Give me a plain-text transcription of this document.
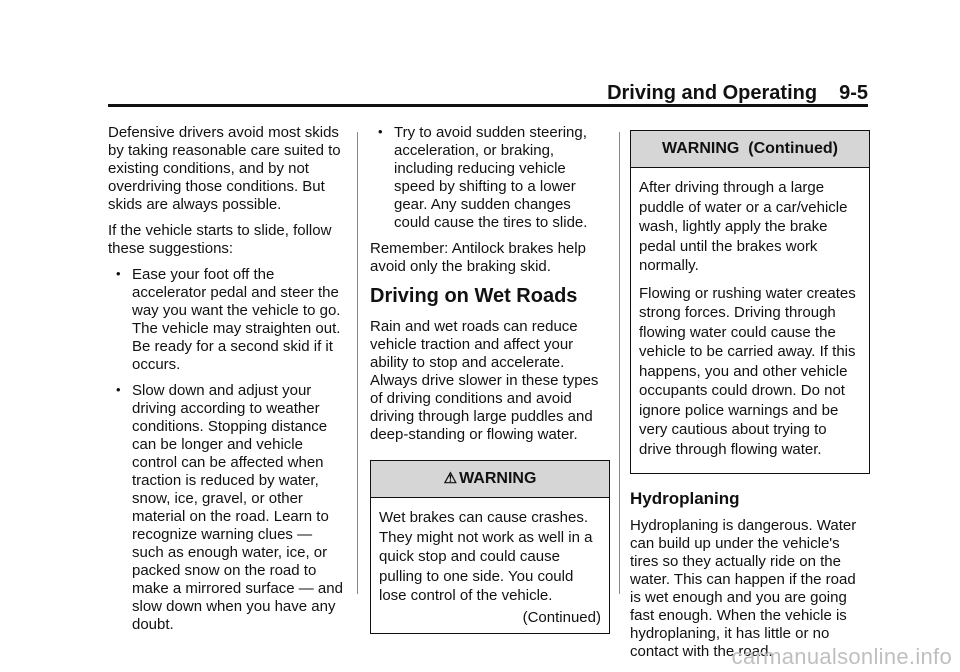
Driving and Operating 9-5

Defensive drivers avoid most skids by taking reasonable care suited to existing conditions, and by not overdriving those conditions. But skids are always possible.

If the vehicle starts to slide, follow these suggestions:

• Ease your foot off the accelerator pedal and steer the way you want the vehicle to go. The vehicle may straighten out. Be ready for a second skid if it occurs.
• Slow down and adjust your driving according to weather conditions. Stopping distance can be longer and vehicle control can be affected when traction is reduced by water, snow, ice, gravel, or other material on the road. Learn to recognize warning clues — such as enough water, ice, or packed snow on the road to make a mirrored surface — and slow down when you have any doubt.
• Try to avoid sudden steering, acceleration, or braking, including reducing vehicle speed by shifting to a lower gear. Any sudden changes could cause the tires to slide.

Remember: Antilock brakes help avoid only the braking skid.

Driving on Wet Roads

Rain and wet roads can reduce vehicle traction and affect your ability to stop and accelerate. Always drive slower in these types of driving conditions and avoid driving through large puddles and deep-standing or flowing water.

⚠ WARNING

Wet brakes can cause crashes. They might not work as well in a quick stop and could cause pulling to one side. You could lose control of the vehicle.

(Continued)
WARNING  (Continued)

After driving through a large puddle of water or a car/vehicle wash, lightly apply the brake pedal until the brakes work normally.

Flowing or rushing water creates strong forces. Driving through flowing water could cause the vehicle to be carried away. If this happens, you and other vehicle occupants could drown. Do not ignore police warnings and be very cautious about trying to drive through flowing water.

Hydroplaning

Hydroplaning is dangerous. Water can build up under the vehicle's tires so they actually ride on the water. This can happen if the road is wet enough and you are going fast enough. When the vehicle is hydroplaning, it has little or no contact with the road.

carmanualsonline.info
